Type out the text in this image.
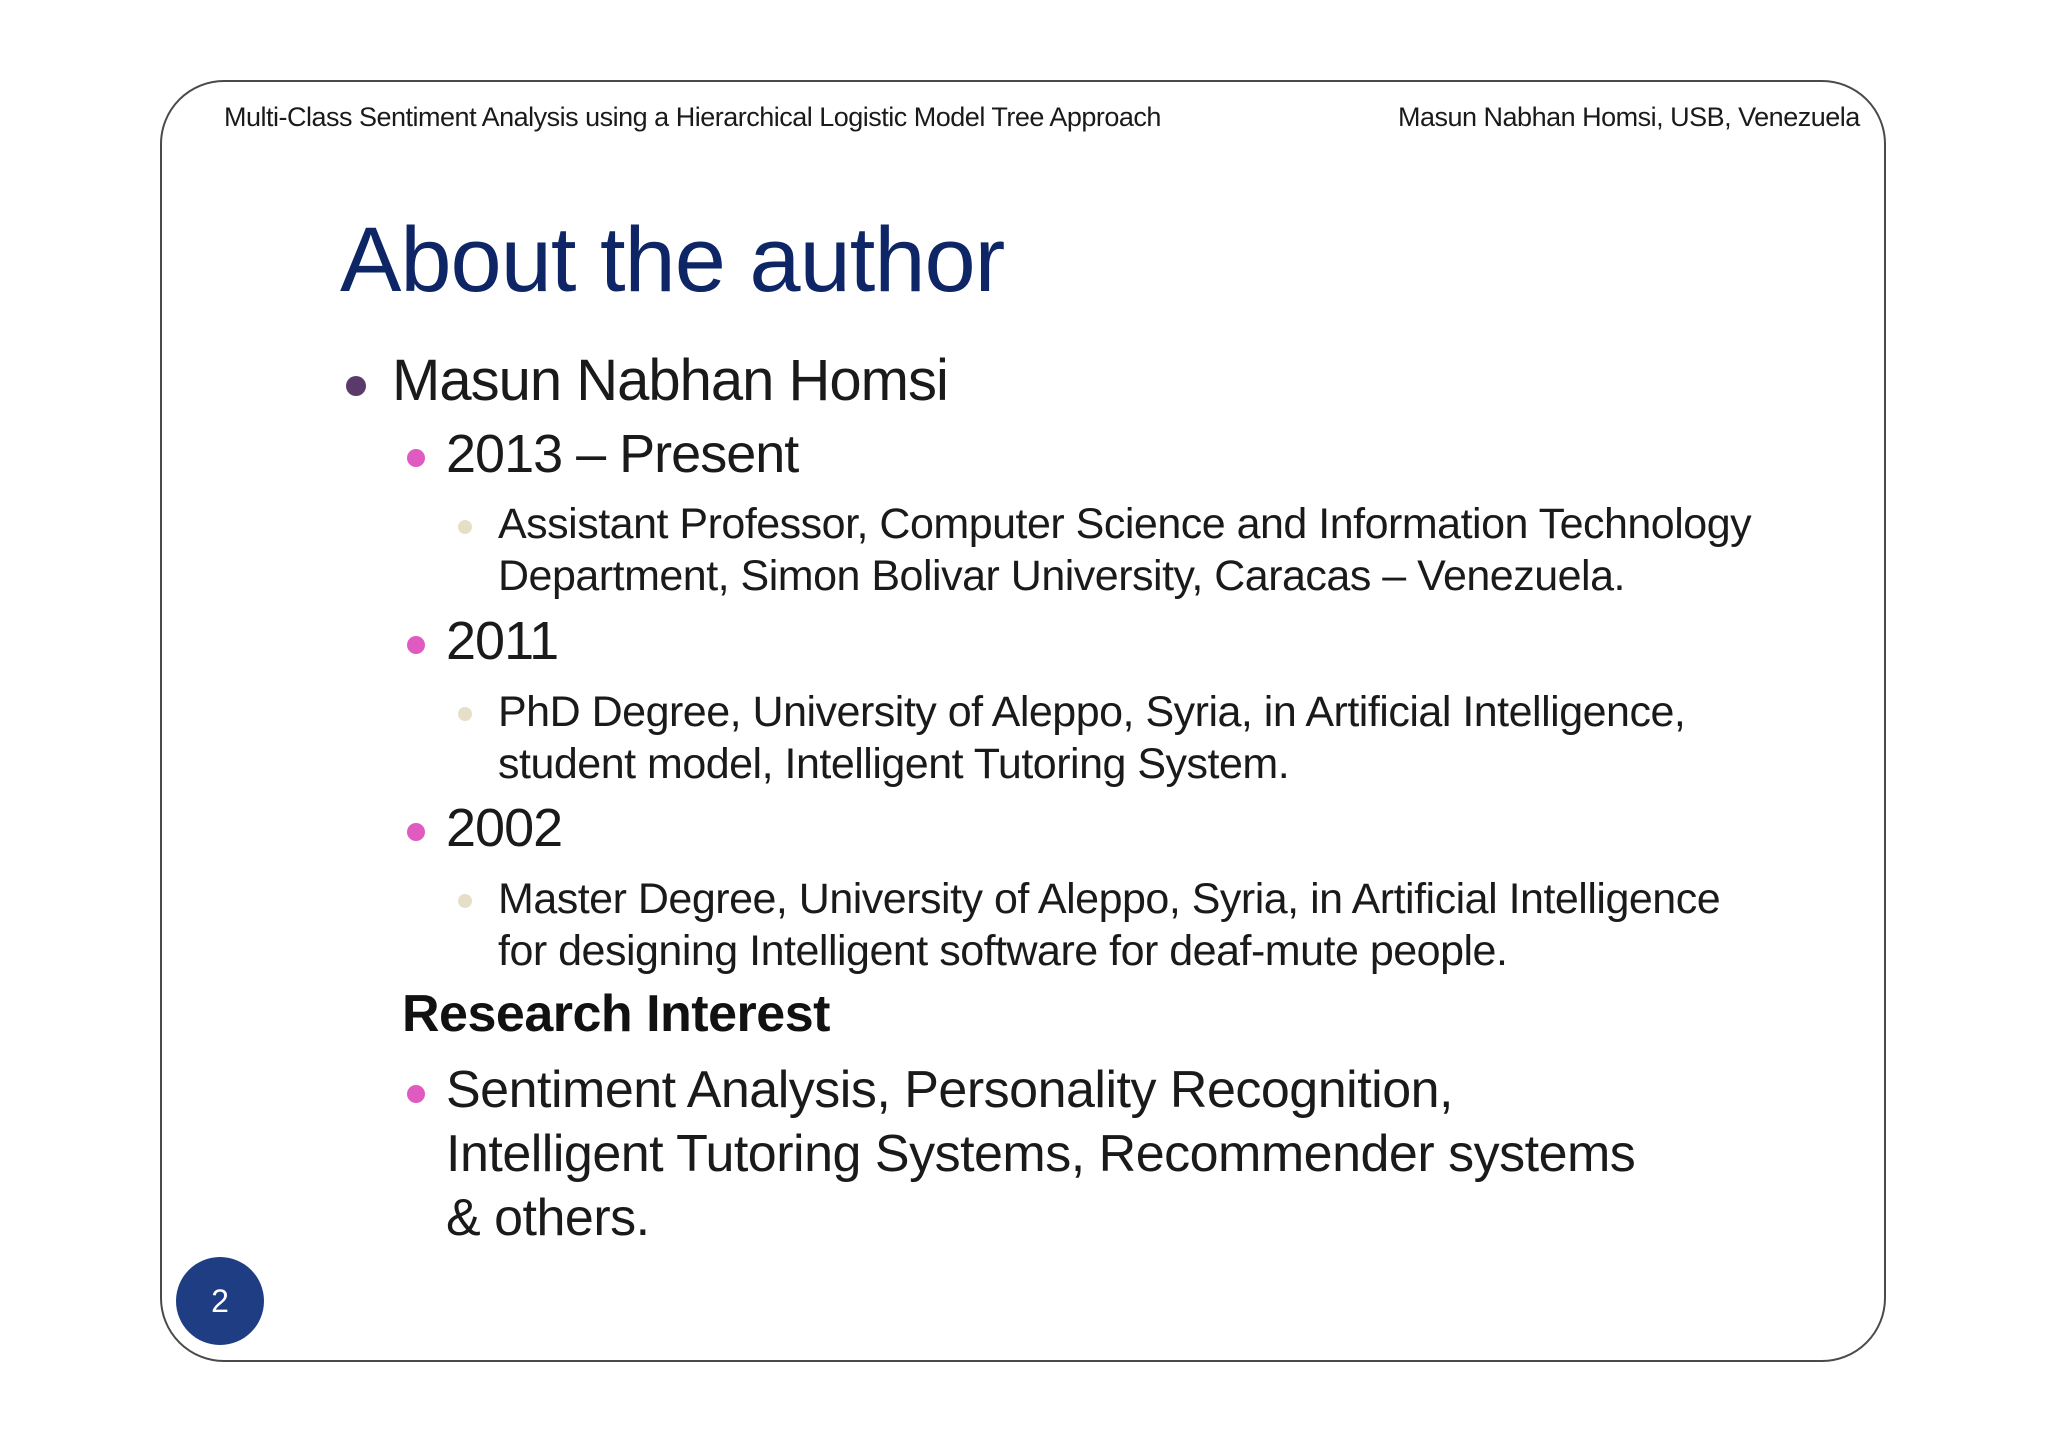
Multi-Class Sentiment Analysis using a Hierarchical Logistic Model Tree Approach	Masun Nabhan Homsi, USB, Venezuela
About the author
Masun Nabhan Homsi
2013 – Present
Assistant Professor, Computer Science and Information Technology Department, Simon Bolivar University, Caracas – Venezuela.
2011
PhD Degree, University of Aleppo, Syria, in Artificial Intelligence, student model, Intelligent Tutoring System.
2002
Master Degree, University of Aleppo, Syria, in Artificial Intelligence for designing Intelligent software for deaf-mute people.
Research Interest
Sentiment Analysis, Personality Recognition, Intelligent Tutoring Systems, Recommender systems & others.
2
